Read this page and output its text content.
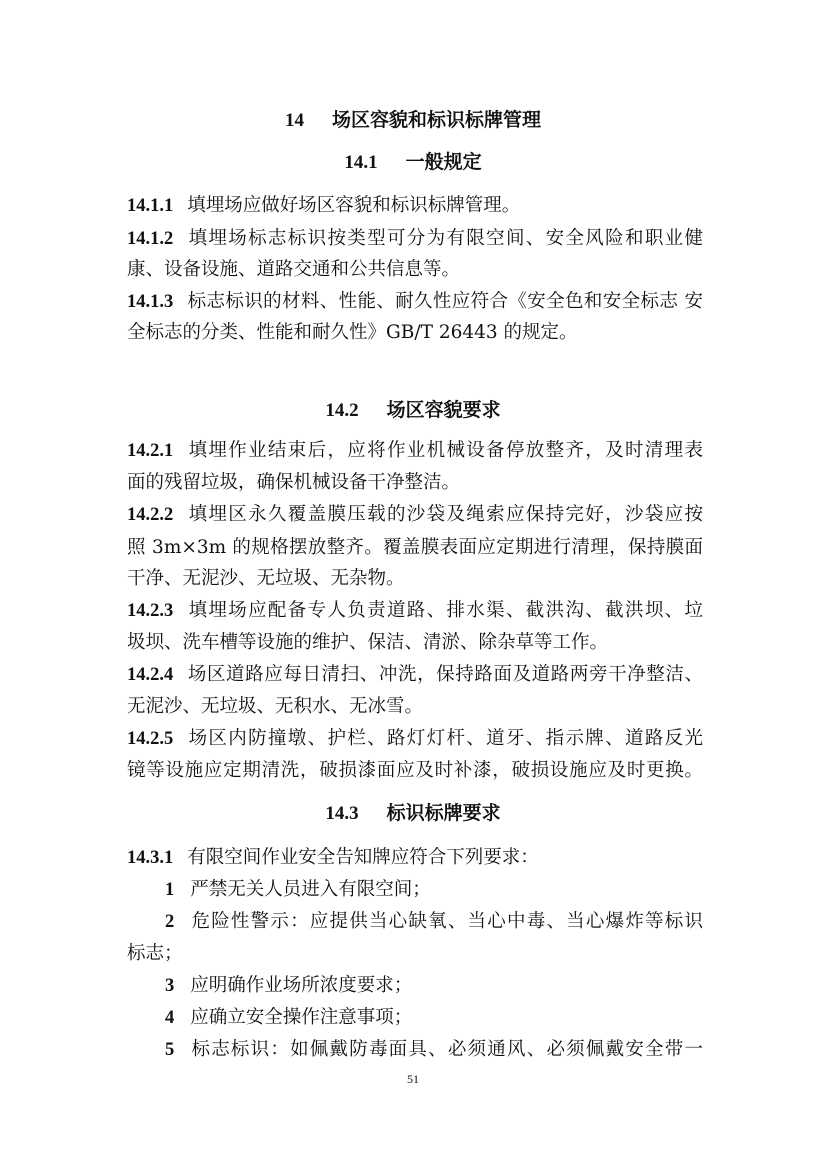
14 场区容貌和标识标牌管理
14.1 一般规定
14.1.1 填埋场应做好场区容貌和标识标牌管理。
14.1.2 填埋场标志标识按类型可分为有限空间、安全风险和职业健
康、设备设施、道路交通和公共信息等。
14.1.3 标志标识的材料、性能、耐久性应符合《安全色和安全标志 安
全标志的分类、性能和耐久性》GB/T 26443 的规定。
14.2 场区容貌要求
14.2.1 填埋作业结束后，应将作业机械设备停放整齐，及时清理表
面的残留垃圾，确保机械设备干净整洁。
14.2.2 填埋区永久覆盖膜压载的沙袋及绳索应保持完好，沙袋应按
照 3m×3m 的规格摆放整齐。覆盖膜表面应定期进行清理，保持膜面
干净、无泥沙、无垃圾、无杂物。
14.2.3 填埋场应配备专人负责道路、排水渠、截洪沟、截洪坝、垃
圾坝、洗车槽等设施的维护、保洁、清淤、除杂草等工作。
14.2.4 场区道路应每日清扫、冲洗，保持路面及道路两旁干净整洁、
无泥沙、无垃圾、无积水、无冰雪。
14.2.5 场区内防撞墩、护栏、路灯灯杆、道牙、指示牌、道路反光
镜等设施应定期清洗，破损漆面应及时补漆，破损设施应及时更换。
14.3 标识标牌要求
14.3.1 有限空间作业安全告知牌应符合下列要求：
1 严禁无关人员进入有限空间；
2 危险性警示：应提供当心缺氧、当心中毒、当心爆炸等标识
标志；
3 应明确作业场所浓度要求；
4 应确立安全操作注意事项；
5 标志标识：如佩戴防毒面具、必须通风、必须佩戴安全带一
51
